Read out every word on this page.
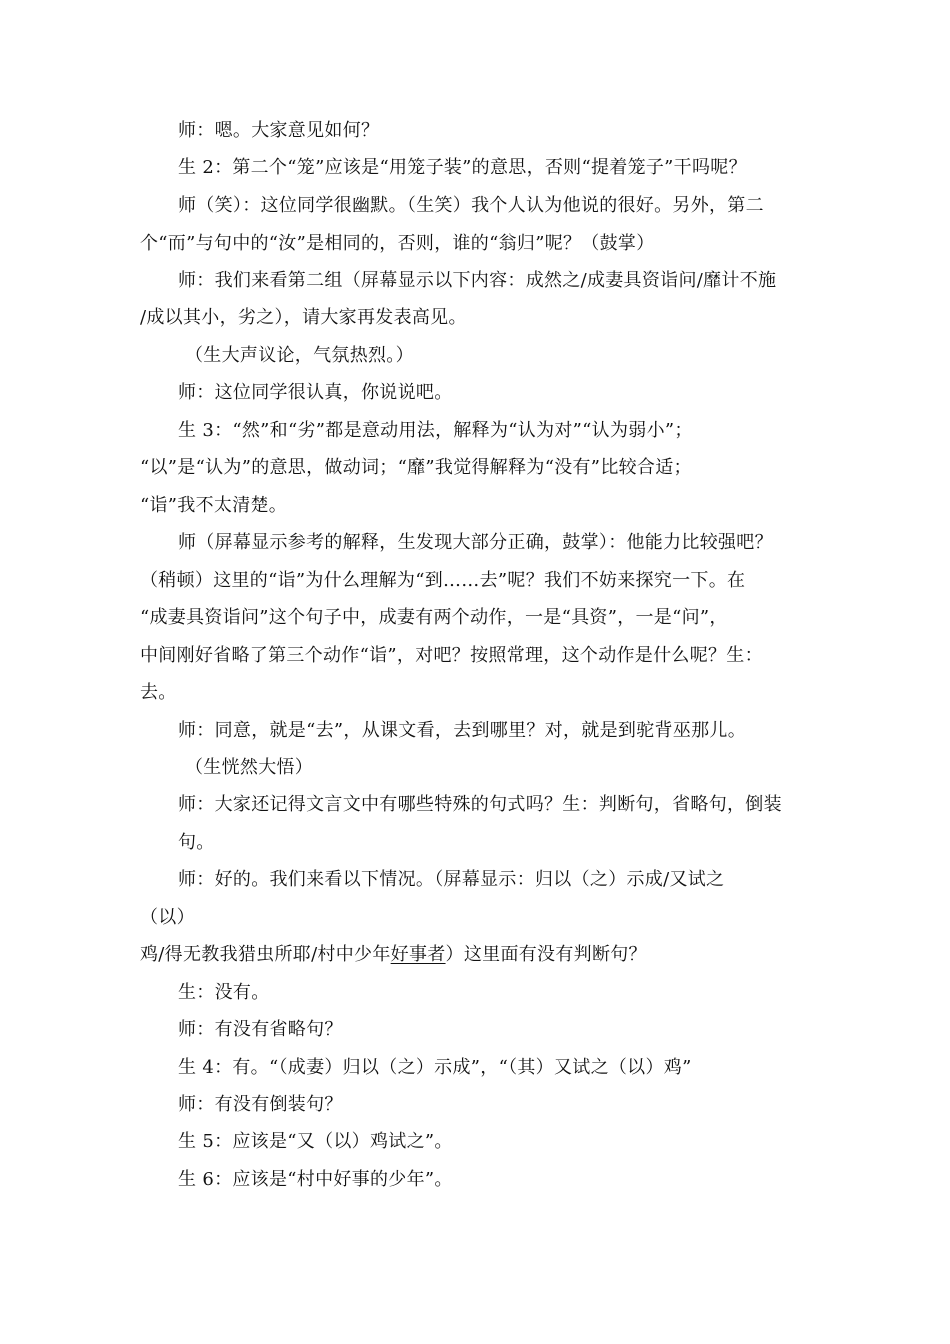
师：嗯。大家意见如何？
生 2：第二个“笼”应该是“用笼子装”的意思，否则“提着笼子”干吗呢？
师（笑）：这位同学很幽默。（生笑）我个人认为他说的很好。另外，第二
个“而”与句中的“汝”是相同的，否则，谁的“翁归”呢？（鼓掌）
师：我们来看第二组（屏幕显示以下内容：成然之/成妻具资诣问/靡计不施
/成以其小，劣之），请大家再发表高见。
（生大声议论，气氛热烈。）
师：这位同学很认真，你说说吧。
生 3：“然”和“劣”都是意动用法，解释为“认为对”“认为弱小”；
“以”是“认为”的意思，做动词；“靡”我觉得解释为“没有”比较合适；
“诣”我不太清楚。
师（屏幕显示参考的解释，生发现大部分正确，鼓掌）：他能力比较强吧？
（稍顿）这里的“诣”为什么理解为“到……去”呢？我们不妨来探究一下。在
“成妻具资诣问”这个句子中，成妻有两个动作，一是“具资”，一是“问”，
中间刚好省略了第三个动作“诣”，对吧？按照常理，这个动作是什么呢？生：
去。
师：同意，就是“去”，从课文看，去到哪里？对，就是到驼背巫那儿。
（生恍然大悟）
师：大家还记得文言文中有哪些特殊的句式吗？生：判断句，省略句，倒装
句。
师：好的。我们来看以下情况。（屏幕显示：归以（之）示成/又试之
（以）
鸡/得无教我猎虫所耶/村中少年好事者）这里面有没有判断句？
生：没有。
师：有没有省略句？
生 4：有。“（成妻）归以（之）示成”，“（其）又试之（以）鸡”
师：有没有倒装句？
生 5：应该是“又（以）鸡试之”。
生 6：应该是“村中好事的少年”。
